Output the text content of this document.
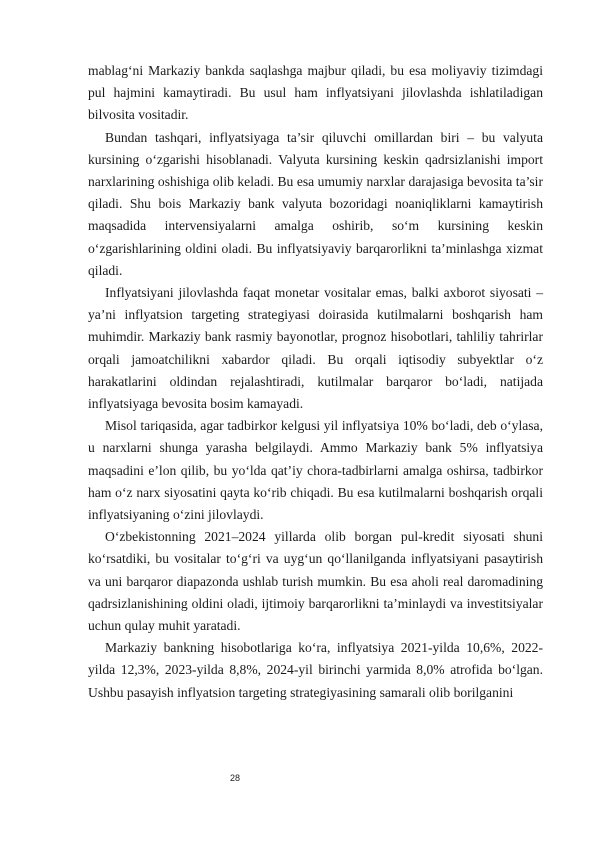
mablag‘ni Markaziy bankda saqlashga majbur qiladi, bu esa moliyaviy tizimdagi pul hajmini kamaytiradi. Bu usul ham inflyatsiyani jilovlashda ishlatiladigan bilvosita vositadir.

Bundan tashqari, inflyatsiyaga ta’sir qiluvchi omillardan biri – bu valyuta kursining o‘zgarishi hisoblanadi. Valyuta kursining keskin qadrsizlanishi import narxlarining oshishiga olib keladi. Bu esa umumiy narxlar darajasiga bevosita ta’sir qiladi. Shu bois Markaziy bank valyuta bozoridagi noaniqliklarni kamaytirish maqsadida intervensiyalarni amalga oshirib, so‘m kursining keskin o‘zgarishlarining oldini oladi. Bu inflyatsiyaviy barqarorlikni ta’minlashga xizmat qiladi.

Inflyatsiyani jilovlashda faqat monetar vositalar emas, balki axborot siyosati – ya’ni inflyatsion targeting strategiyasi doirasida kutilmalarni boshqarish ham muhimdir. Markaziy bank rasmiy bayonotlar, prognoz hisobotlari, tahliliy tahrirlar orqali jamoatchilikni xabardor qiladi. Bu orqali iqtisodiy subyektlar o‘z harakatlarini oldindan rejalashtiradi, kutilmalar barqaror bo‘ladi, natijada inflyatsiyaga bevosita bosim kamayadi.

Misol tariqasida, agar tadbirkor kelgusi yil inflyatsiya 10% bo‘ladi, deb o‘ylasa, u narxlarni shunga yarasha belgilaydi. Ammo Markaziy bank 5% inflyatsiya maqsadini e’lon qilib, bu yo‘lda qat’iy chora-tadbirlarni amalga oshirsa, tadbirkor ham o‘z narx siyosatini qayta ko‘rib chiqadi. Bu esa kutilmalarni boshqarish orqali inflyatsiyaning o‘zini jilovlaydi.

O‘zbekistonning 2021–2024 yillarda olib borgan pul-kredit siyosati shuni ko‘rsatdiki, bu vositalar to‘g‘ri va uyg‘un qo‘llanilganda inflyatsiyani pasaytirish va uni barqaror diapazonda ushlab turish mumkin. Bu esa aholi real daromadining qadrsizlanishining oldini oladi, ijtimoiy barqarorlikni ta’minlaydi va investitsiyalar uchun qulay muhit yaratadi.

Markaziy bankning hisobotlariga ko‘ra, inflyatsiya 2021-yilda 10,6%, 2022-yilda 12,3%, 2023-yilda 8,8%, 2024-yil birinchi yarmida 8,0% atrofida bo‘lgan. Ushbu pasayish inflyatsion targeting strategiyasining samarali olib borilganini

28
